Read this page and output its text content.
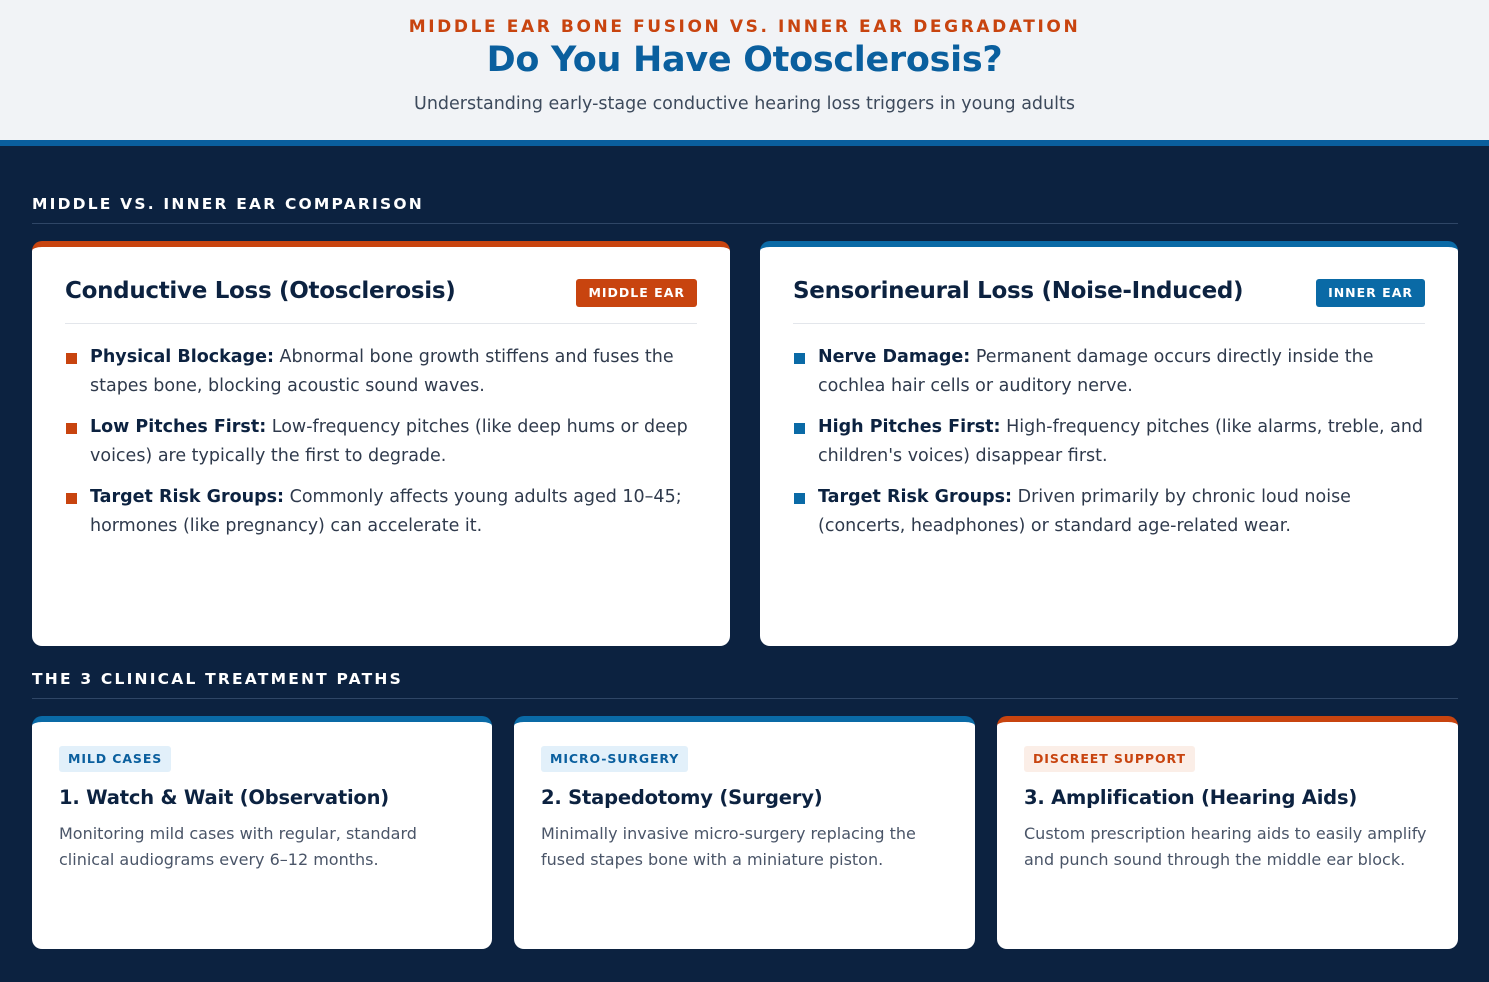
MIDDLE EAR BONE FUSION VS. INNER EAR DEGRADATION
Do You Have Otosclerosis?
Understanding early-stage conductive hearing loss triggers in young adults
MIDDLE VS. INNER EAR COMPARISON
Conductive Loss (Otosclerosis)	MIDDLE EAR
Physical Blockage: Abnormal bone growth stiffens and fuses the stapes bone, blocking acoustic sound waves.
Low Pitches First: Low-frequency pitches (like deep hums or deep voices) are typically the first to degrade.
Target Risk Groups: Commonly affects young adults aged 10–45; hormones (like pregnancy) can accelerate it.
Sensorineural Loss (Noise-Induced)	INNER EAR
Nerve Damage: Permanent damage occurs directly inside the cochlea hair cells or auditory nerve.
High Pitches First: High-frequency pitches (like alarms, treble, and children's voices) disappear first.
Target Risk Groups: Driven primarily by chronic loud noise (concerts, headphones) or standard age-related wear.
THE 3 CLINICAL TREATMENT PATHS
MILD CASES
1. Watch & Wait (Observation)
Monitoring mild cases with regular, standard clinical audiograms every 6–12 months.
MICRO-SURGERY
2. Stapedotomy (Surgery)
Minimally invasive micro-surgery replacing the fused stapes bone with a miniature piston.
DISCREET SUPPORT
3. Amplification (Hearing Aids)
Custom prescription hearing aids to easily amplify and punch sound through the middle ear block.
